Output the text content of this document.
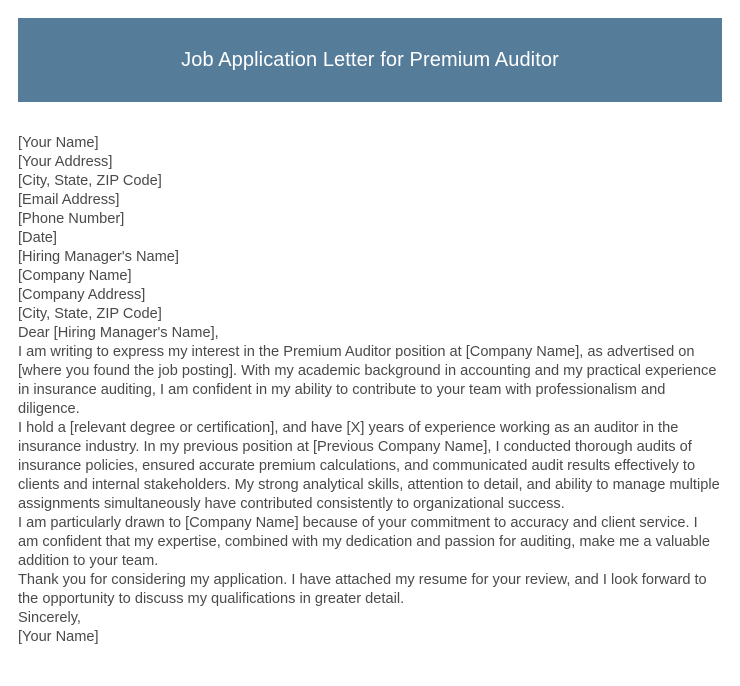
Job Application Letter for Premium Auditor
[Your Name]
[Your Address]
[City, State, ZIP Code]
[Email Address]
[Phone Number]
[Date]
[Hiring Manager's Name]
[Company Name]
[Company Address]
[City, State, ZIP Code]
Dear [Hiring Manager's Name],
I am writing to express my interest in the Premium Auditor position at [Company Name], as advertised on [where you found the job posting]. With my academic background in accounting and my practical experience in insurance auditing, I am confident in my ability to contribute to your team with professionalism and diligence.
I hold a [relevant degree or certification], and have [X] years of experience working as an auditor in the insurance industry. In my previous position at [Previous Company Name], I conducted thorough audits of insurance policies, ensured accurate premium calculations, and communicated audit results effectively to clients and internal stakeholders. My strong analytical skills, attention to detail, and ability to manage multiple assignments simultaneously have contributed consistently to organizational success.
I am particularly drawn to [Company Name] because of your commitment to accuracy and client service. I am confident that my expertise, combined with my dedication and passion for auditing, make me a valuable addition to your team.
Thank you for considering my application. I have attached my resume for your review, and I look forward to the opportunity to discuss my qualifications in greater detail.
Sincerely,
[Your Name]
